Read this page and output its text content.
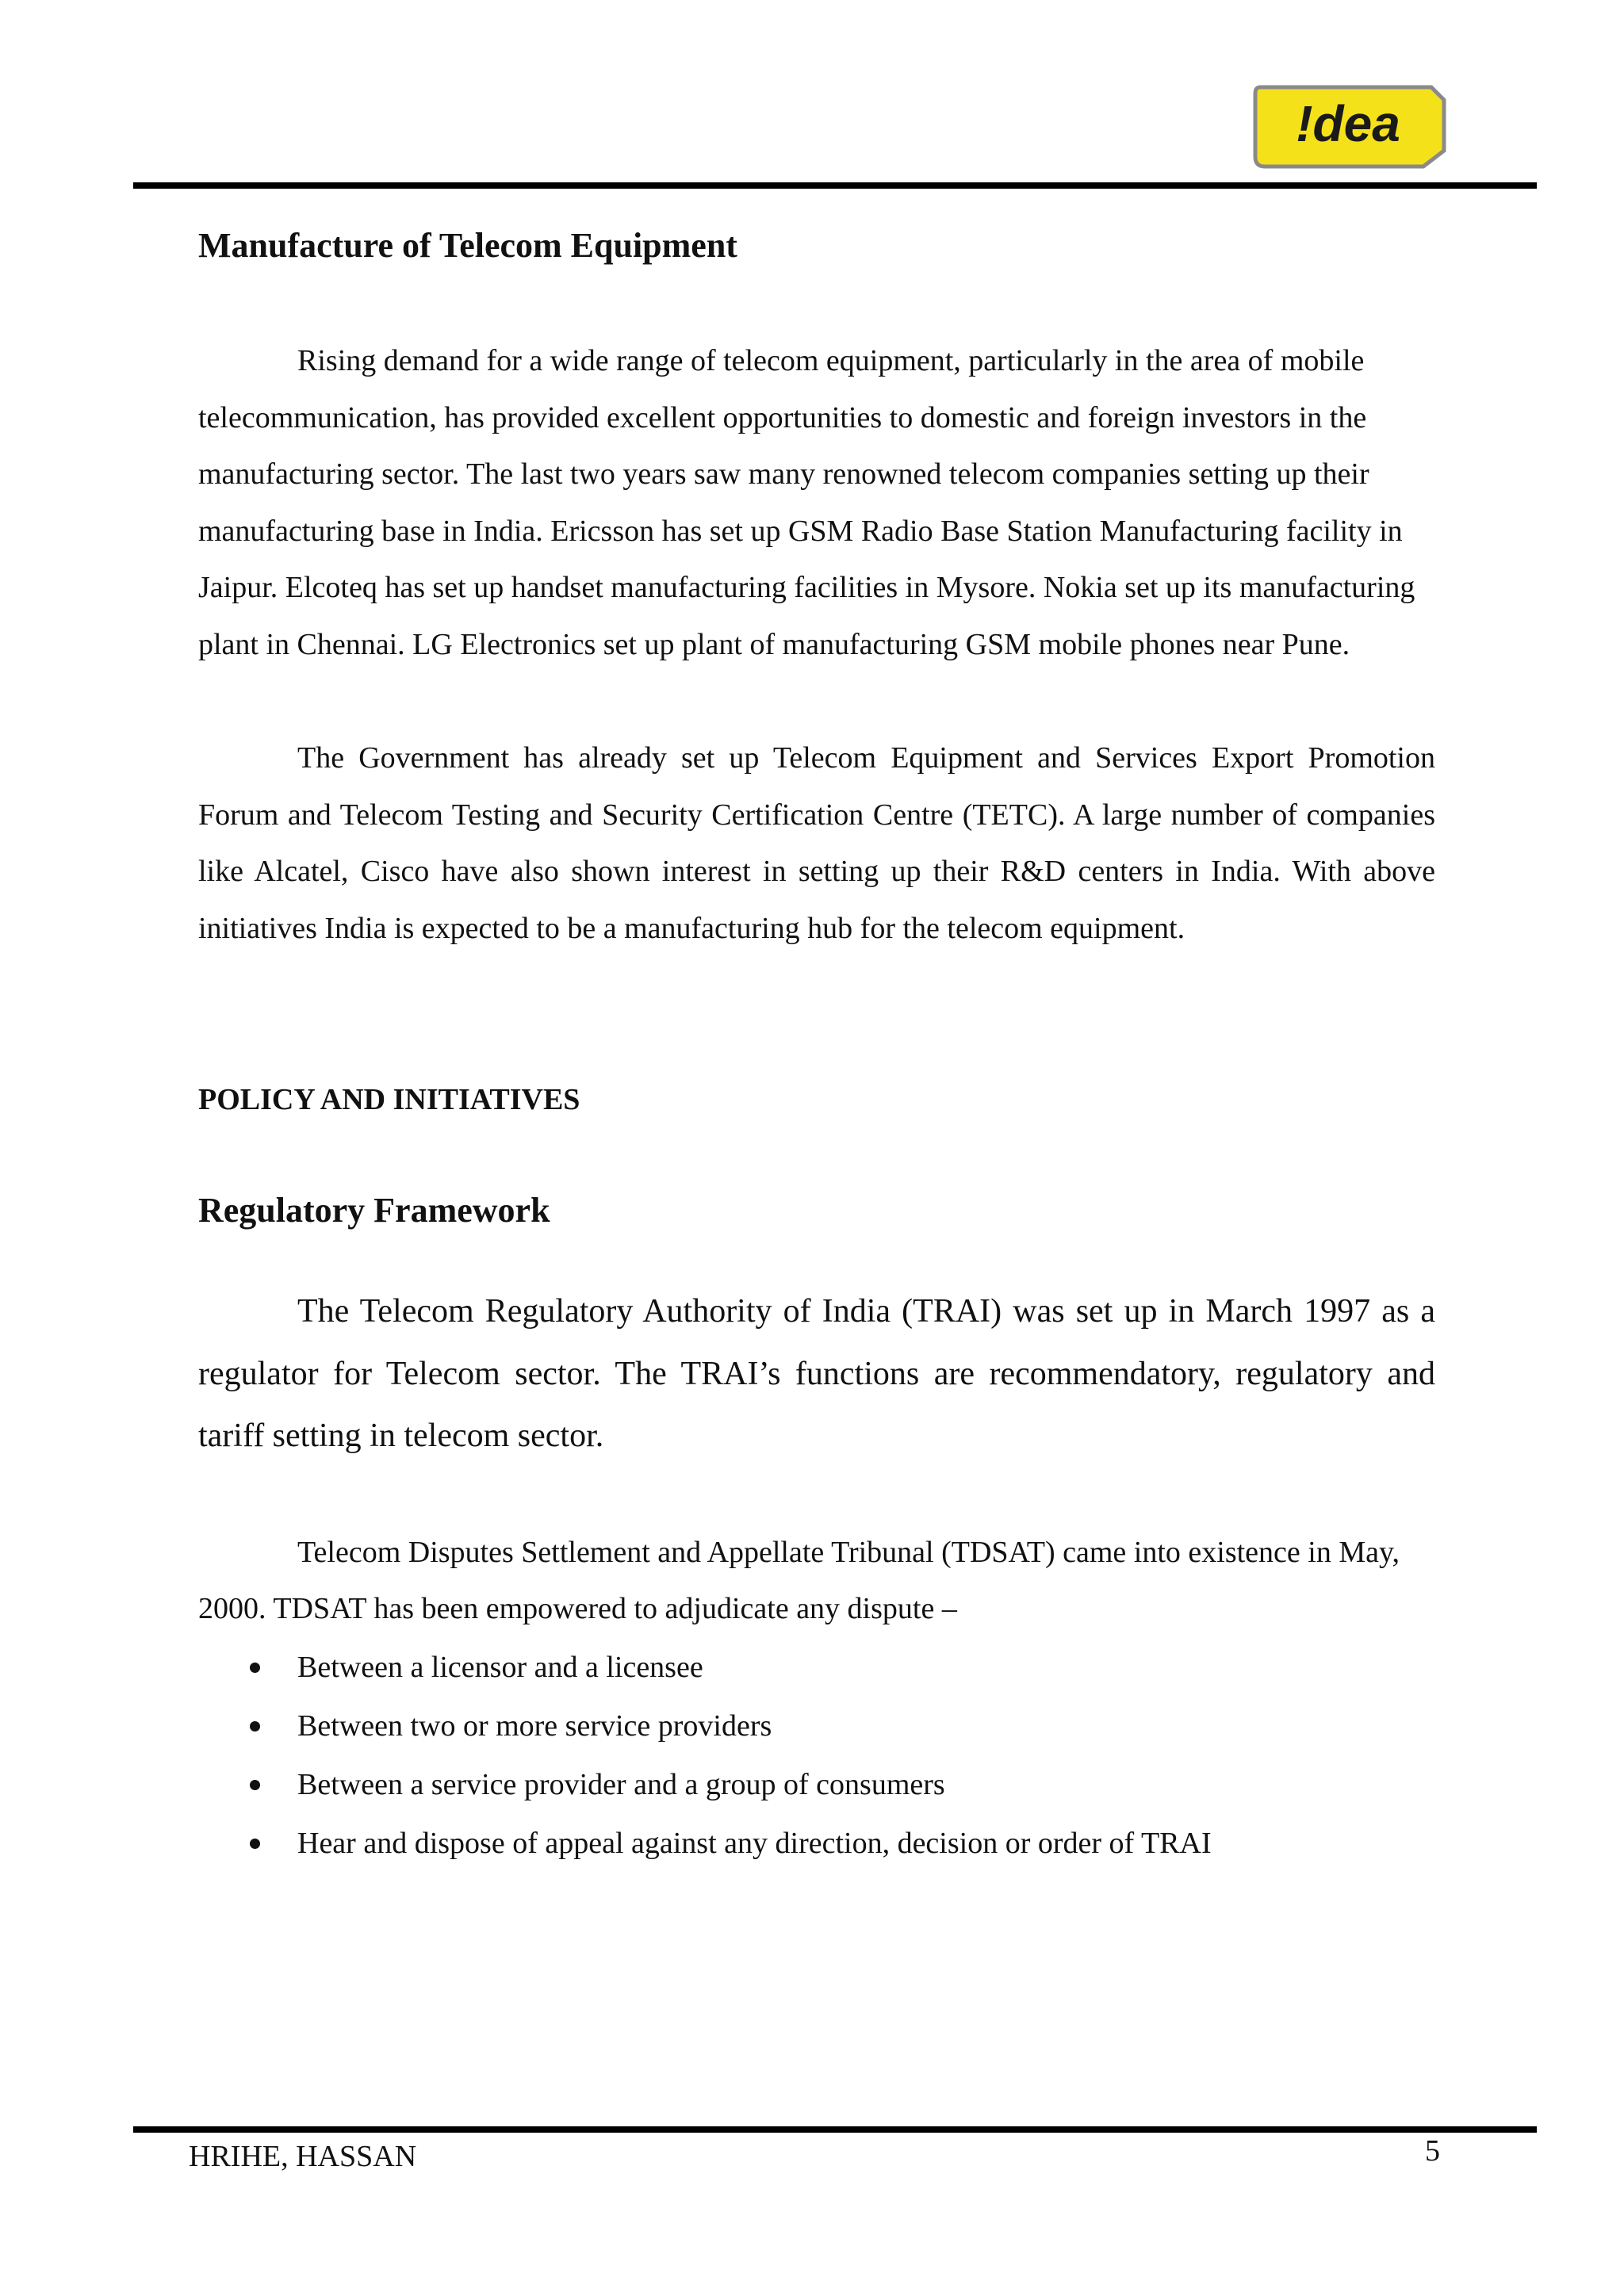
!dea
Manufacture of Telecom Equipment

Rising demand for a wide range of telecom equipment, particularly in the area of mobile telecommunication, has provided excellent opportunities to domestic and foreign investors in the manufacturing sector. The last two years saw many renowned telecom companies setting up their manufacturing base in India. Ericsson has set up GSM Radio Base Station Manufacturing facility in Jaipur. Elcoteq has set up handset manufacturing facilities in Mysore. Nokia set up its manufacturing plant in Chennai. LG Electronics set up plant of manufacturing GSM mobile phones near Pune.

The Government has already set up Telecom Equipment and Services Export Promotion Forum and Telecom Testing and Security Certification Centre (TETC). A large number of companies like Alcatel, Cisco have also shown interest in setting up their R&D centers in India. With above initiatives India is expected to be a manufacturing hub for the telecom equipment.

POLICY AND INITIATIVES
Regulatory Framework

The Telecom Regulatory Authority of India (TRAI) was set up in March 1997 as a regulator for Telecom sector. The TRAI’s functions are recommendatory, regulatory and tariff setting in telecom sector.

Telecom Disputes Settlement and Appellate Tribunal (TDSAT) came into existence in May, 2000. TDSAT has been empowered to adjudicate any dispute –

Between a licensor and a licensee
Between two or more service providers
Between a service provider and a group of consumers
Hear and dispose of appeal against any direction, decision or order of TRAI
HRIHE, HASSAN	5
